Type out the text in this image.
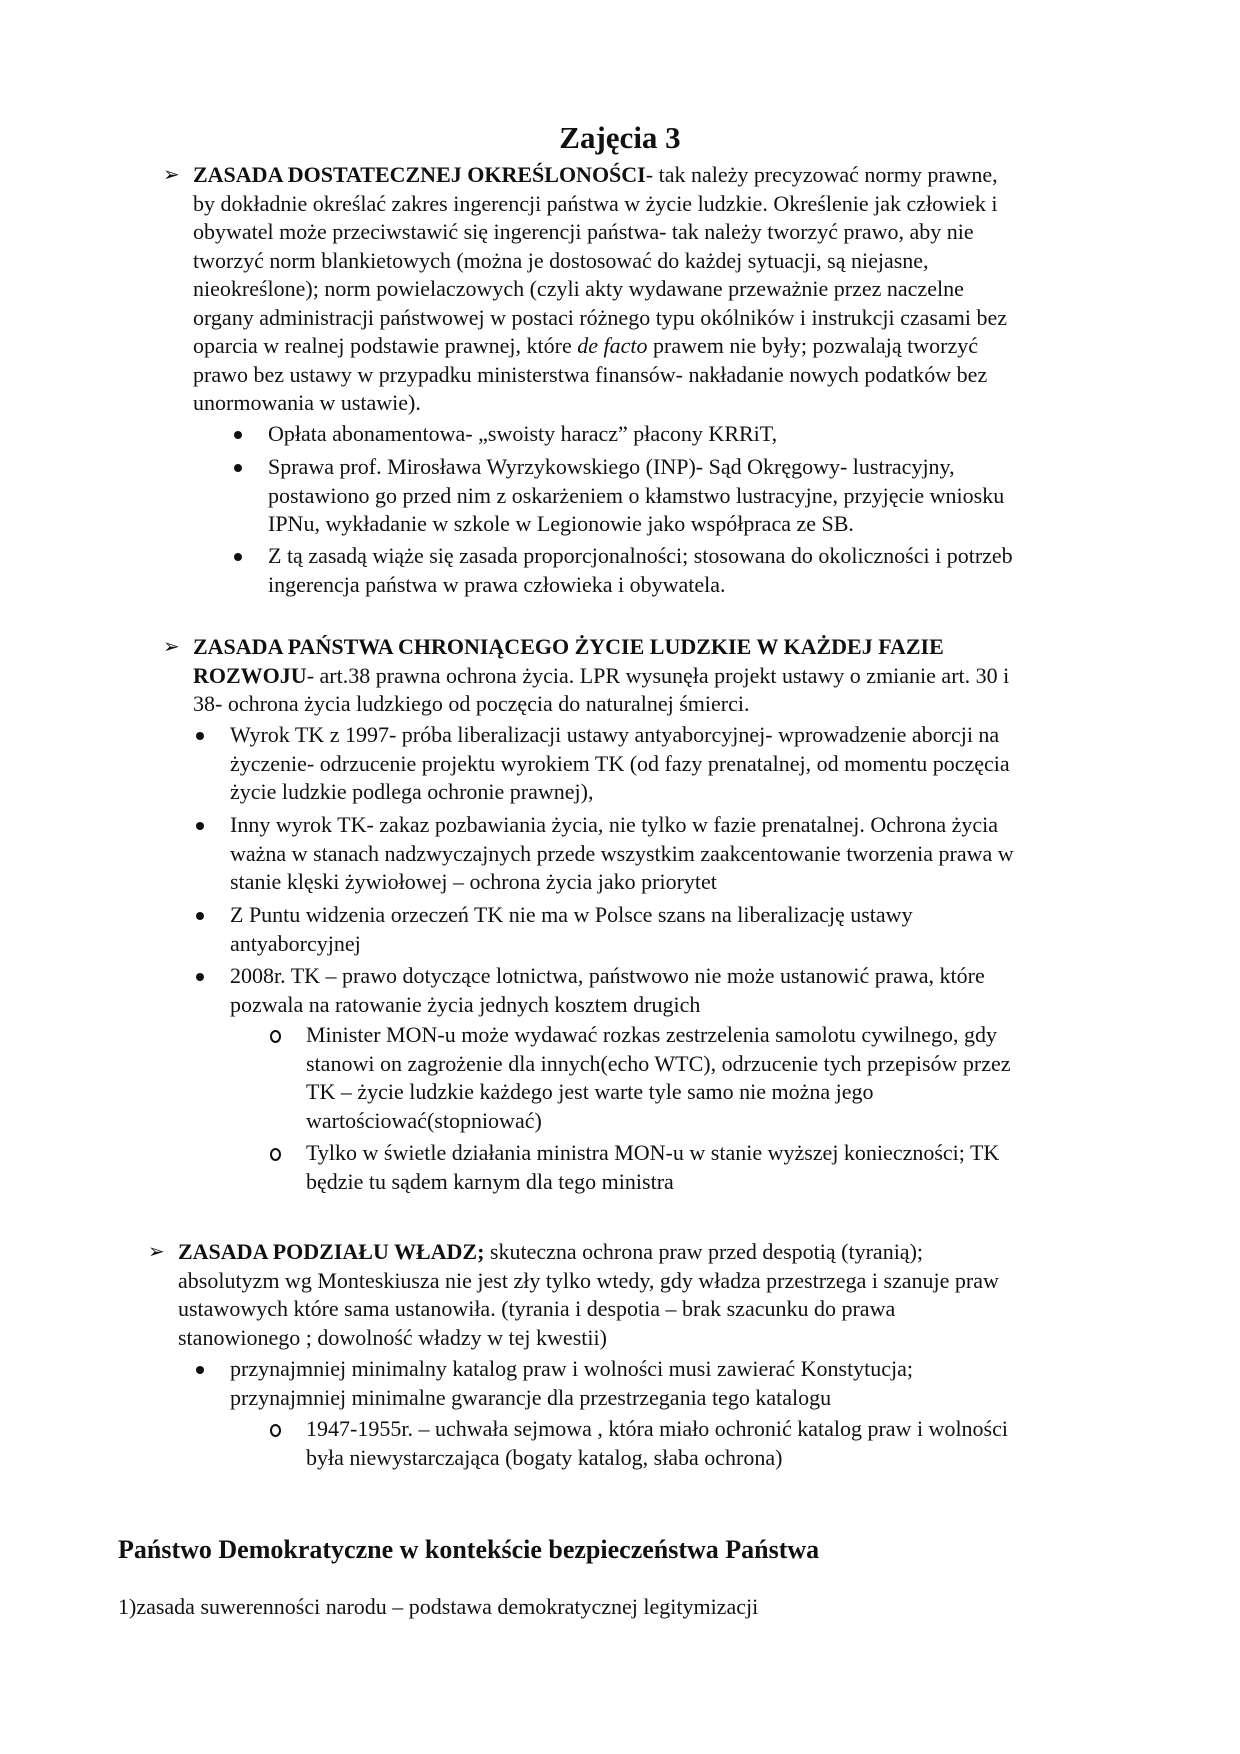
Zajęcia 3
➢ ZASADA DOSTATECZNEJ OKREŚLONOŚCI- tak należy precyzować normy prawne,
by dokładnie określać zakres ingerencji państwa w życie ludzkie. Określenie jak człowiek i
obywatel może przeciwstawić się ingerencji państwa- tak należy tworzyć prawo, aby nie
tworzyć norm blankietowych (można je dostosować do każdej sytuacji, są niejasne,
nieokreślone); norm powielaczowych (czyli akty wydawane przeważnie przez naczelne
organy administracji państwowej w postaci różnego typu okólników i instrukcji czasami bez
oparcia w realnej podstawie prawnej, które de facto prawem nie były; pozwalają tworzyć
prawo bez ustawy w przypadku ministerstwa finansów- nakładanie nowych podatków bez
unormowania w ustawie).
Opłata abonamentowa- „swoisty haracz” płacony KRRiT,
Sprawa prof. Mirosława Wyrzykowskiego (INP)- Sąd Okręgowy- lustracyjny,
postawiono go przed nim z oskarżeniem o kłamstwo lustracyjne, przyjęcie wniosku
IPNu, wykładanie w szkole w Legionowie jako współpraca ze SB.
Z tą zasadą wiąże się zasada proporcjonalności; stosowana do okoliczności i potrzeb
ingerencja państwa w prawa człowieka i obywatela.
➢ ZASADA PAŃSTWA CHRONIĄCEGO ŻYCIE LUDZKIE W KAŻDEJ FAZIE
ROZWOJU- art.38 prawna ochrona życia. LPR wysunęła projekt ustawy o zmianie art. 30 i
38- ochrona życia ludzkiego od poczęcia do naturalnej śmierci.
Wyrok TK z 1997- próba liberalizacji ustawy antyaborcyjnej- wprowadzenie aborcji na
życzenie- odrzucenie projektu wyrokiem TK (od fazy prenatalnej, od momentu poczęcia
życie ludzkie podlega ochronie prawnej),
Inny wyrok TK- zakaz pozbawiania życia, nie tylko w fazie prenatalnej. Ochrona życia
ważna w stanach nadzwyczajnych przede wszystkim zaakcentowanie tworzenia prawa w
stanie klęski żywiołowej – ochrona życia jako priorytet
Z Puntu widzenia orzeczeń TK nie ma w Polsce szans na liberalizację ustawy
antyaborcyjnej
2008r. TK – prawo dotyczące lotnictwa, państwowo nie może ustanowić prawa, które
pozwala na ratowanie życia jednych kosztem drugich
Minister MON-u może wydawać rozkas zestrzelenia samolotu cywilnego, gdy
stanowi on zagrożenie dla innych(echo WTC), odrzucenie tych przepisów przez
TK – życie ludzkie każdego jest warte tyle samo nie można jego
wartościować(stopniować)
Tylko w świetle działania ministra MON-u w stanie wyższej konieczności; TK
będzie tu sądem karnym dla tego ministra
➢ ZASADA PODZIAŁU WŁADZ; skuteczna ochrona praw przed despotią (tyranią);
absolutyzm wg Monteskiusza nie jest zły tylko wtedy, gdy władza przestrzega i szanuje praw
ustawowych które sama ustanowiła. (tyrania i despotia – brak szacunku do prawa
stanowionego ; dowolność władzy w tej kwestii)
przynajmniej minimalny katalog praw i wolności musi zawierać Konstytucja;
przynajmniej minimalne gwarancje dla przestrzegania tego katalogu
1947-1955r. – uchwała sejmowa , która miało ochronić katalog praw i wolności
była niewystarczająca (bogaty katalog, słaba ochrona)
Państwo Demokratyczne w kontekście bezpieczeństwa Państwa
1)zasada suwerenności narodu – podstawa demokratycznej legitymizacji
